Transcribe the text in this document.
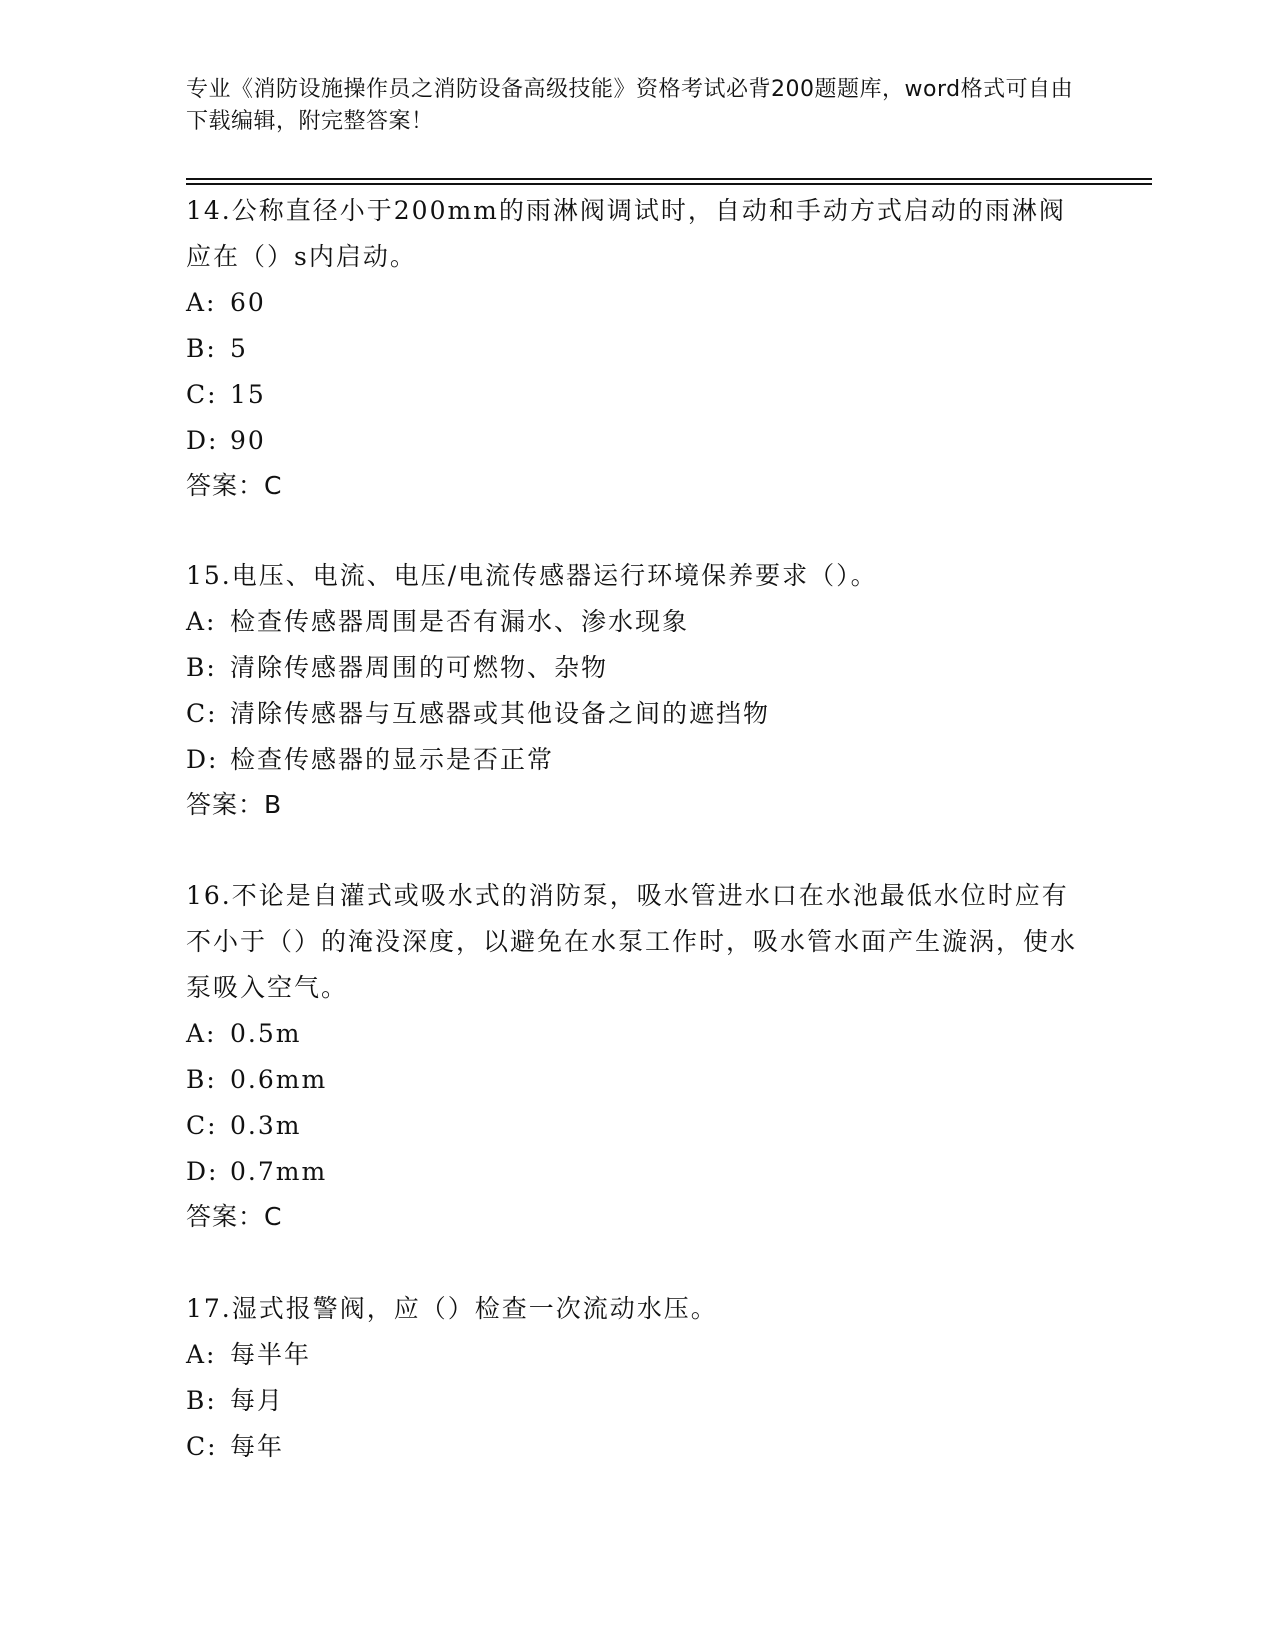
专业《消防设施操作员之消防设备高级技能》资格考试必背200题题库，word格式可自由下载编辑，附完整答案！
14.公称直径小于200mm的雨淋阀调试时，自动和手动方式启动的雨淋阀应在（）s内启动。
A: 60
B: 5
C: 15
D: 90
答案：C
15.电压、电流、电压/电流传感器运行环境保养要求（）。
A: 检查传感器周围是否有漏水、渗水现象
B: 清除传感器周围的可燃物、杂物
C: 清除传感器与互感器或其他设备之间的遮挡物
D: 检查传感器的显示是否正常
答案：B
16.不论是自灌式或吸水式的消防泵，吸水管进水口在水池最低水位时应有不小于（）的淹没深度，以避免在水泵工作时，吸水管水面产生漩涡，使水泵吸入空气。
A: 0.5m
B: 0.6mm
C: 0.3m
D: 0.7mm
答案：C
17.湿式报警阀，应（）检查一次流动水压。
A: 每半年
B: 每月
C: 每年
